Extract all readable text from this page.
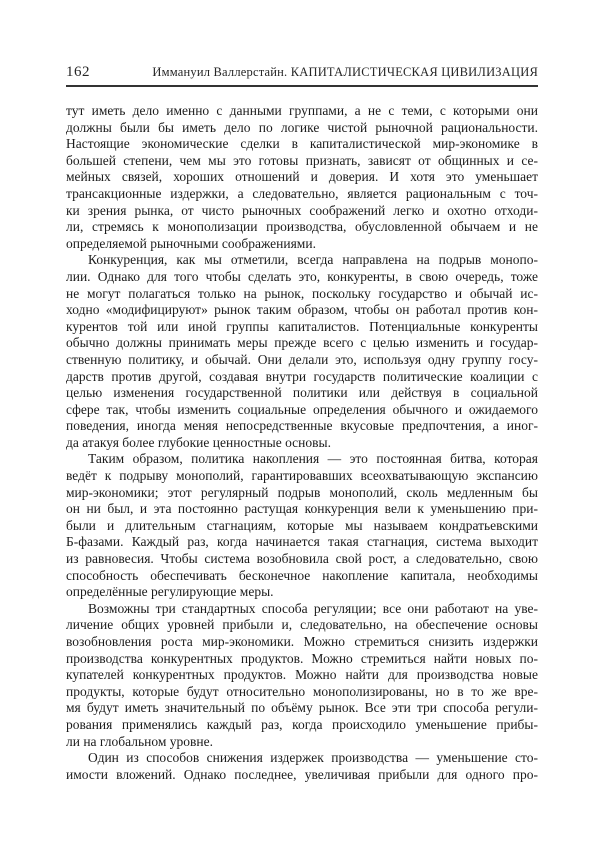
162	Иммануил Валлерстайн. КАПИТАЛИСТИЧЕСКАЯ ЦИВИЛИЗАЦИЯ
тут иметь дело именно с данными группами, а не с теми, с которыми они
должны были бы иметь дело по логике чистой рыночной рациональности.
Настоящие экономические сделки в капиталистической мир-экономике в
большей степени, чем мы это готовы признать, зависят от общинных и се-
мейных связей, хороших отношений и доверия. И хотя это уменьшает
трансакционные издержки, а следовательно, является рациональным с точ-
ки зрения рынка, от чисто рыночных соображений легко и охотно отходи-
ли, стремясь к монополизации производства, обусловленной обычаем и не
определяемой рыночными соображениями.
Конкуренция, как мы отметили, всегда направлена на подрыв монопо-
лии. Однако для того чтобы сделать это, конкуренты, в свою очередь, тоже
не могут полагаться только на рынок, поскольку государство и обычай ис-
ходно «модифицируют» рынок таким образом, чтобы он работал против кон-
курентов той или иной группы капиталистов. Потенциальные конкуренты
обычно должны принимать меры прежде всего с целью изменить и государ-
ственную политику, и обычай. Они делали это, используя одну группу госу-
дарств против другой, создавая внутри государств политические коалиции с
целью изменения государственной политики или действуя в социальной
сфере так, чтобы изменить социальные определения обычного и ожидаемого
поведения, иногда меняя непосредственные вкусовые предпочтения, а иног-
да атакуя более глубокие ценностные основы.
Таким образом, политика накопления — это постоянная битва, которая
ведёт к подрыву монополий, гарантировавших всеохватывающую экспансию
мир-экономики; этот регулярный подрыв монополий, сколь медленным бы
он ни был, и эта постоянно растущая конкуренция вели к уменьшению при-
были и длительным стагнациям, которые мы называем кондратьевскими
Б-фазами. Каждый раз, когда начинается такая стагнация, система выходит
из равновесия. Чтобы система возобновила свой рост, а следовательно, свою
способность обеспечивать бесконечное накопление капитала, необходимы
определённые регулирующие меры.
Возможны три стандартных способа регуляции; все они работают на уве-
личение общих уровней прибыли и, следовательно, на обеспечение основы
возобновления роста мир-экономики. Можно стремиться снизить издержки
производства конкурентных продуктов. Можно стремиться найти новых по-
купателей конкурентных продуктов. Можно найти для производства новые
продукты, которые будут относительно монополизированы, но в то же вре-
мя будут иметь значительный по объёму рынок. Все эти три способа регули-
рования применялись каждый раз, когда происходило уменьшение прибы-
ли на глобальном уровне.
Один из способов снижения издержек производства — уменьшение сто-
имости вложений. Однако последнее, увеличивая прибыли для одного про-
